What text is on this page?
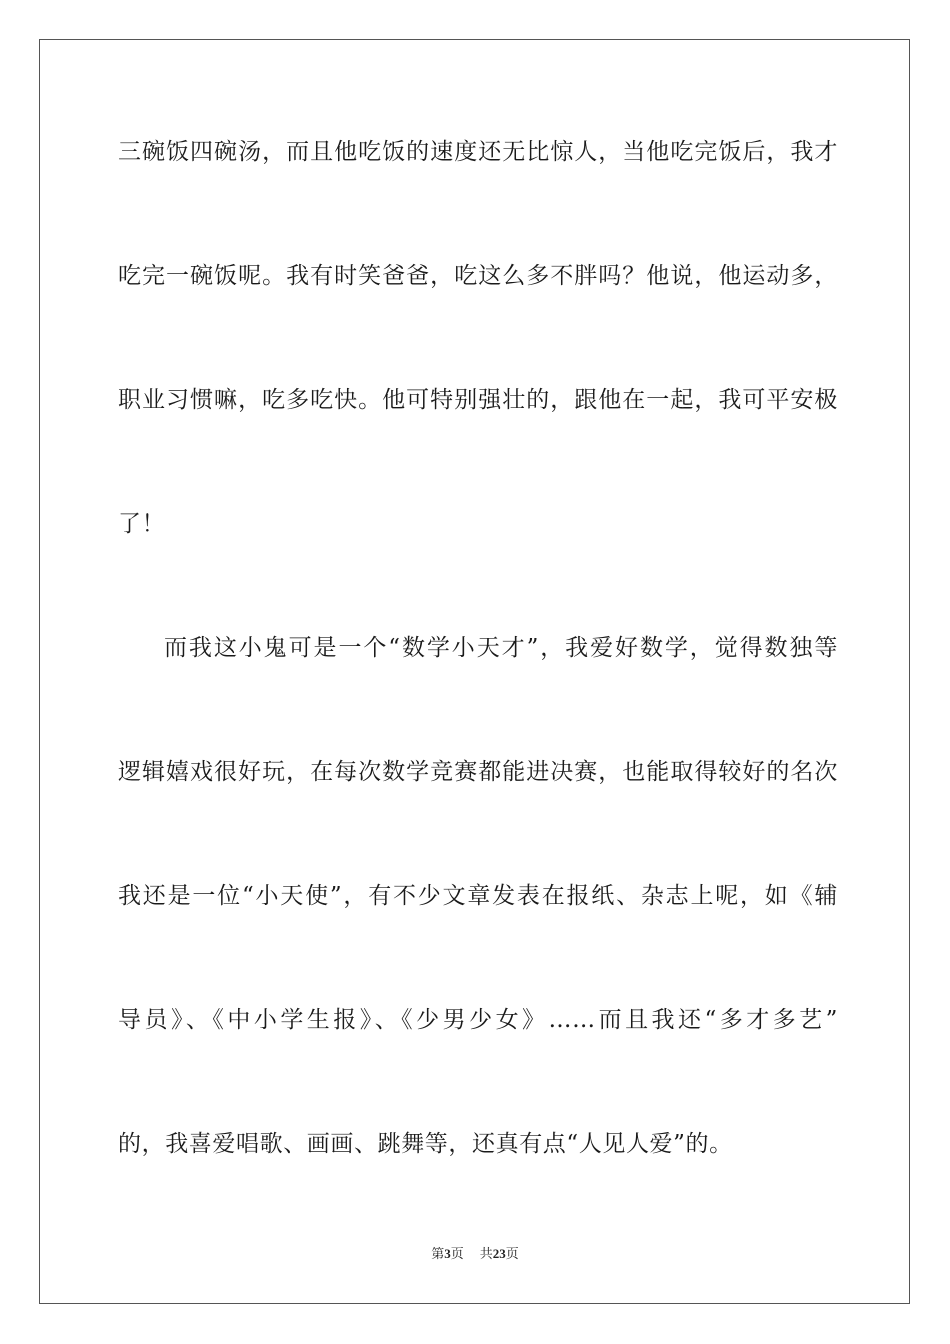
三碗饭四碗汤，而且他吃饭的速度还无比惊人，当他吃完饭后，我才
吃完一碗饭呢。我有时笑爸爸，吃这么多不胖吗？他说，他运动多，
职业习惯嘛，吃多吃快。他可特别强壮的，跟他在一起，我可平安极
了！
而我这小鬼可是一个“数学小天才”，我爱好数学，觉得数独等
逻辑嬉戏很好玩，在每次数学竞赛都能进决赛，也能取得较好的名次
我还是一位“小天使”，有不少文章发表在报纸、杂志上呢，如《辅
导员》、《中小学生报》、《少男少女》……而且我还“多才多艺”
的，我喜爱唱歌、画画、跳舞等，还真有点“人见人爱”的。
第3页 共23页
